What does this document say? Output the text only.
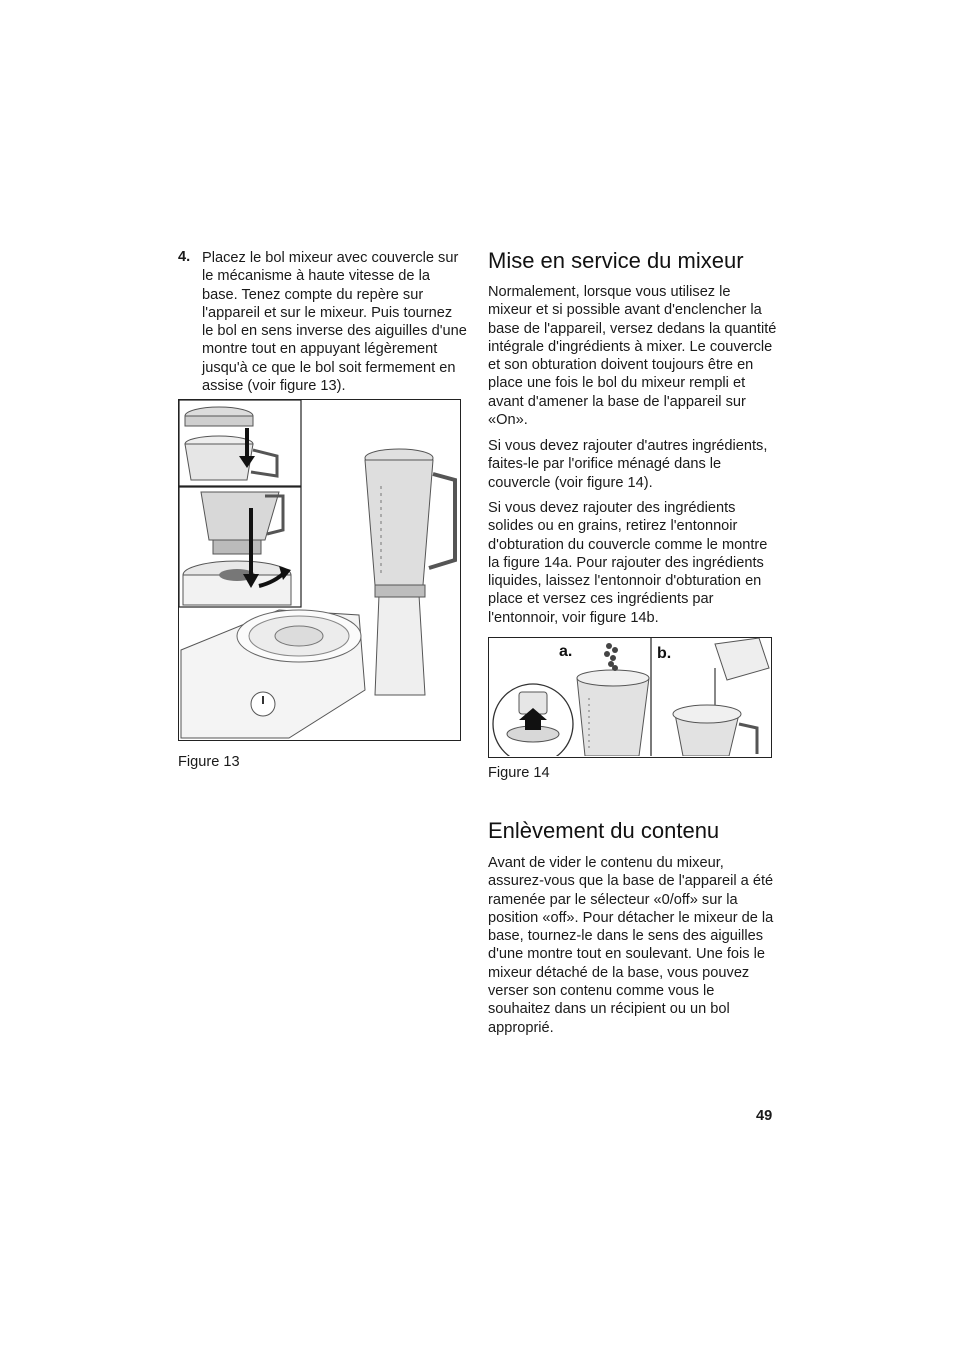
4. Placez le bol mixeur avec couvercle sur le mécanisme à haute vitesse de la base. Tenez compte du repère sur l'appareil et sur le mixeur. Puis tournez le bol en sens inverse des aiguilles d'une montre tout en appuyant légèrement jusqu'à ce que le bol soit fermement en assise (voir figure 13).
Figure 13
Mise en service du mixeur
Normalement, lorsque vous utilisez le mixeur et si possible avant d'enclencher la base de l'appareil, versez dedans la quantité intégrale d'ingrédients à mixer. Le couvercle et son obturation doivent toujours être en place une fois le bol du mixeur rempli et avant d'amener la base de l'appareil sur «On».
Si vous devez rajouter d'autres ingrédients, faites-le par l'orifice ménagé dans le couvercle (voir figure 14).
Si vous devez rajouter des ingrédients solides ou en grains, retirez l'entonnoir d'obturation du couvercle comme le montre la figure 14a. Pour rajouter des ingrédients liquides, laissez l'entonnoir d'obturation en place et versez ces ingrédients par l'entonnoir, voir figure 14b.
a.	b.
Figure 14
Enlèvement du contenu
Avant de vider le contenu du mixeur, assurez-vous que la base de l'appareil a été ramenée par le sélecteur «0/off» sur la position «off». Pour détacher le mixeur de la base, tournez-le dans le sens des aiguilles d'une montre tout en soulevant. Une fois le mixeur détaché de la base, vous pouvez verser son contenu comme vous le souhaitez dans un récipient ou un bol approprié.
49
